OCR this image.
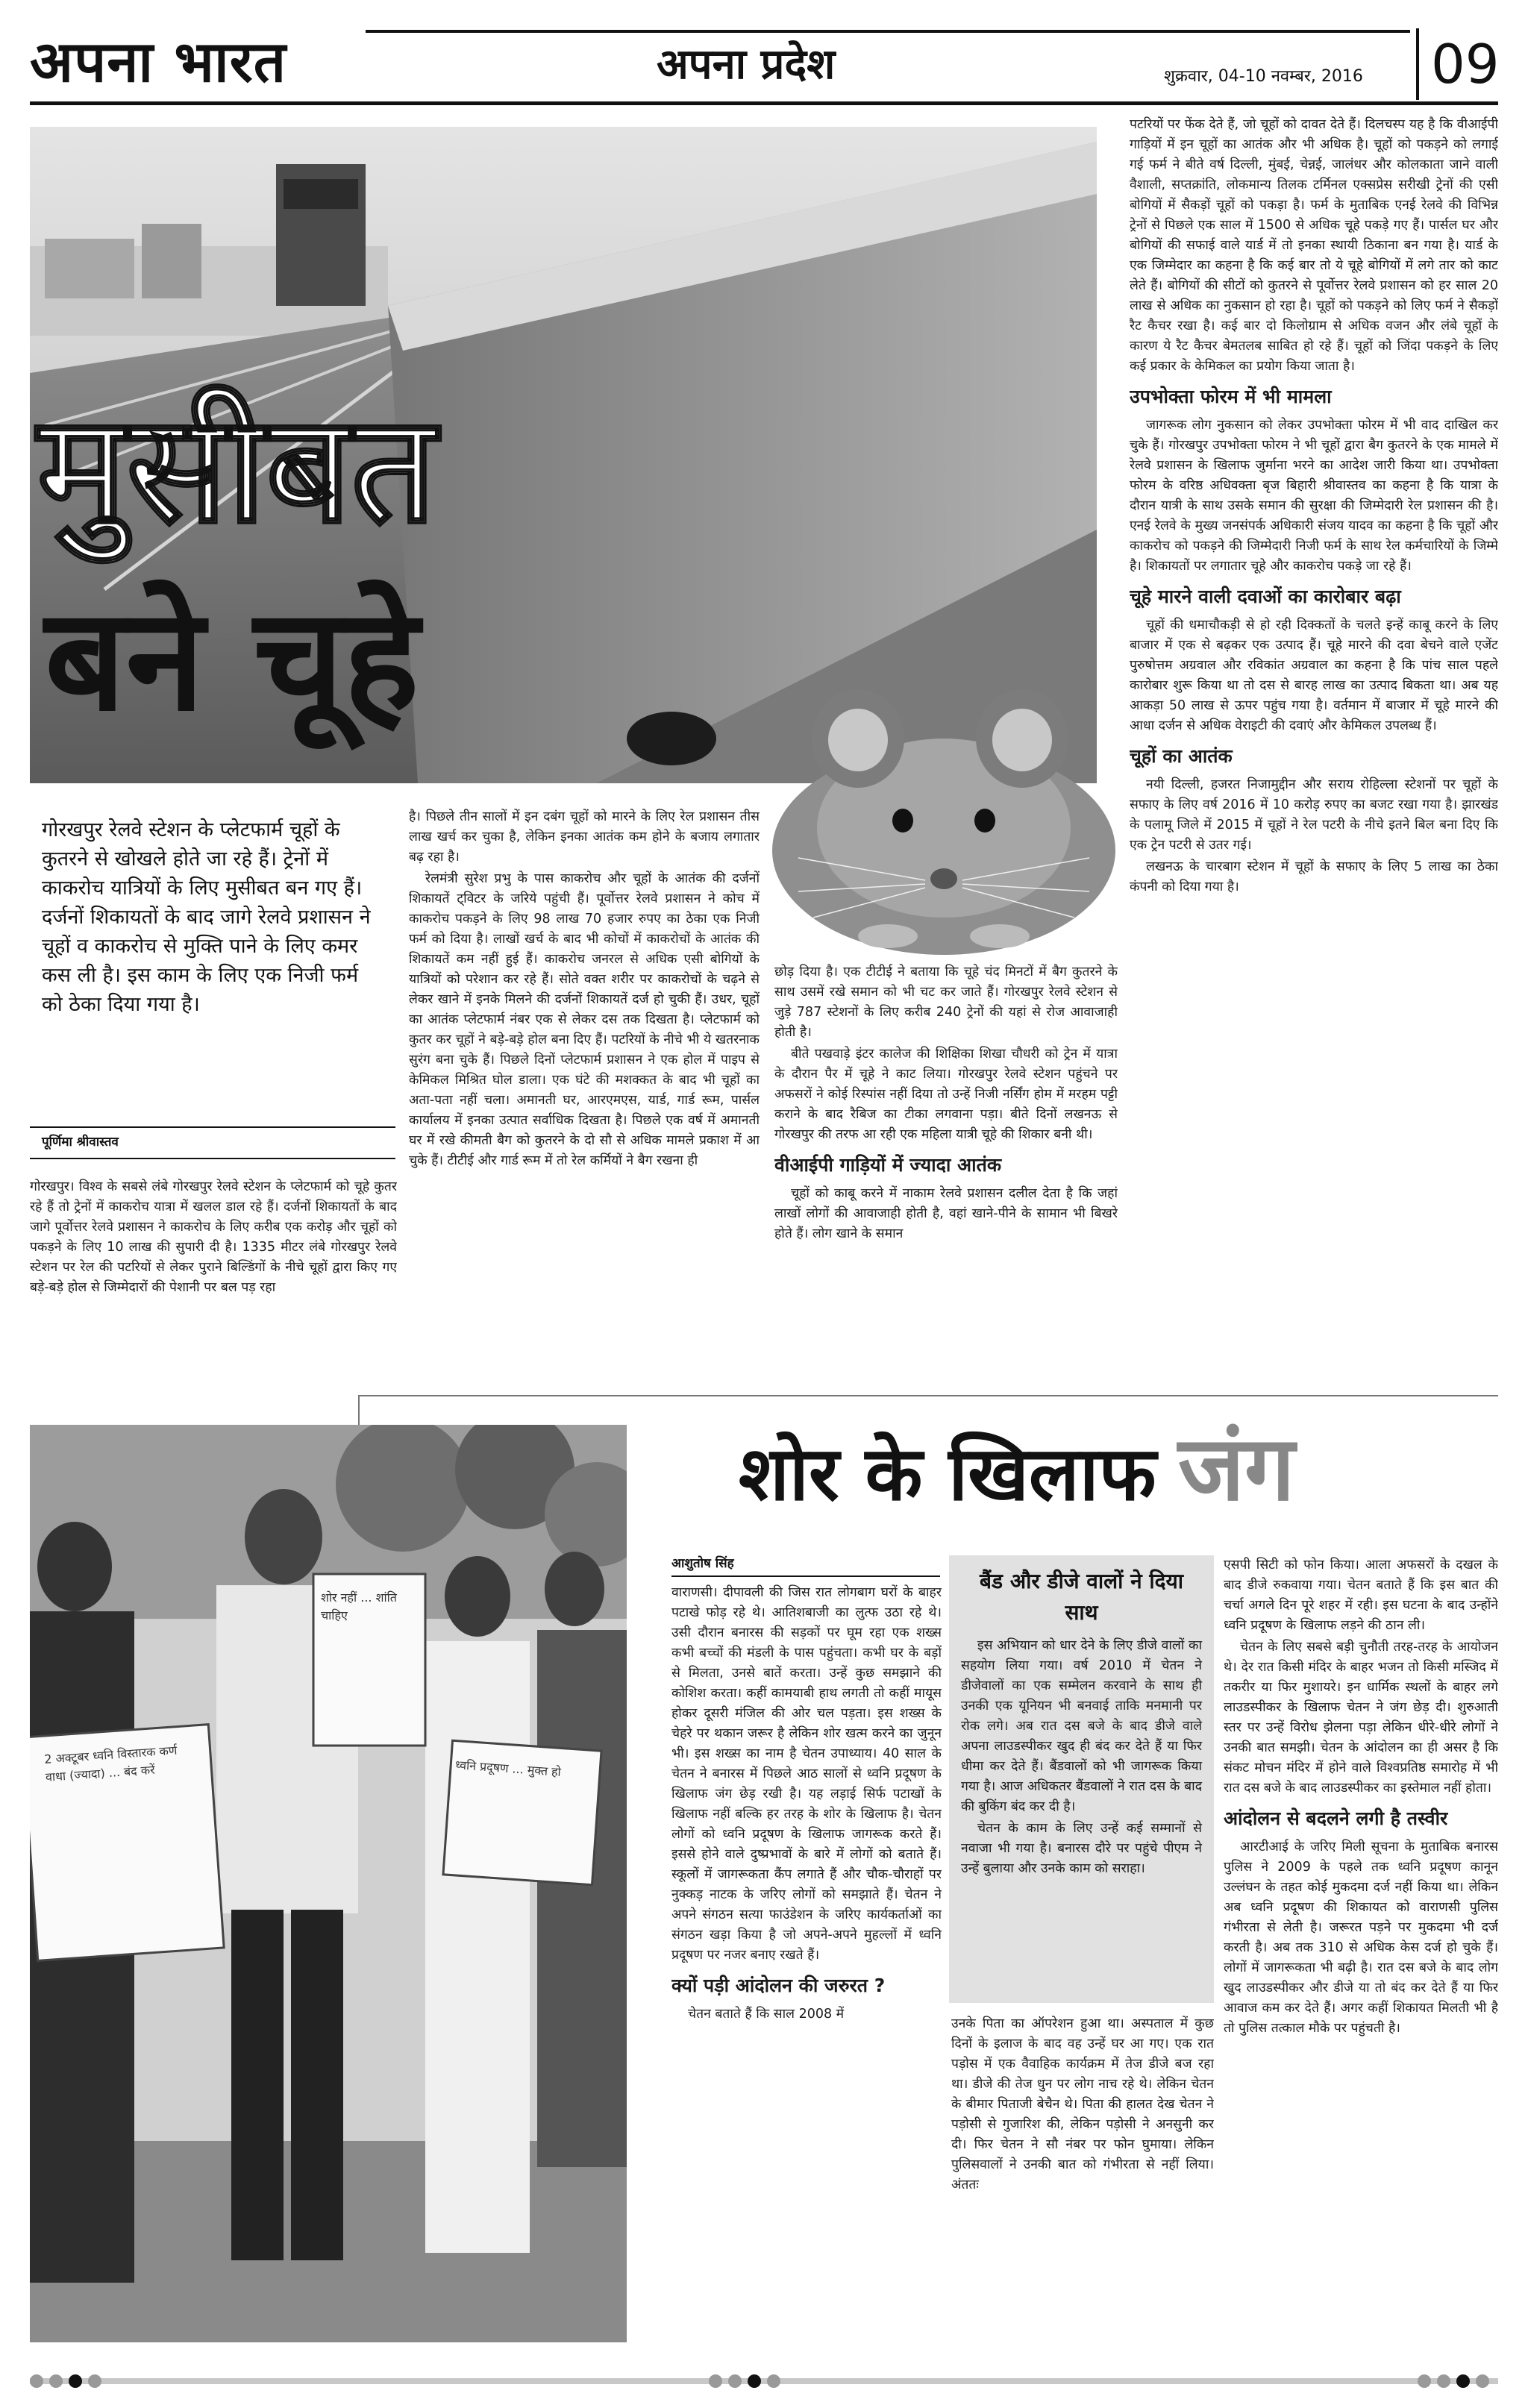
अपना भारत	अपना प्रदेश	शुक्रवार, 04-10 नवम्बर, 2016 09
मुसीबत
बने चूहे
गोरखपुर रेलवे स्टेशन के प्लेटफार्म चूहों के कुतरने से खोखले होते जा रहे हैं। ट्रेनों में काकरोच यात्रियों के लिए मुसीबत बन गए हैं। दर्जनों शिकायतों के बाद जागे रेलवे प्रशासन ने चूहों व काकरोच से मुक्ति पाने के लिए कमर कस ली है। इस काम के लिए एक निजी फर्म को ठेका दिया गया है।
पूर्णिमा श्रीवास्तव

गोरखपुर। विश्व के सबसे लंबे गोरखपुर रेलवे स्टेशन के प्लेटफार्म को चूहे कुतर रहे हैं तो ट्रेनों में काकरोच यात्रा में खलल डाल रहे हैं। दर्जनों शिकायतों के बाद जागे पूर्वोत्तर रेलवे प्रशासन ने काकरोच के लिए करीब एक करोड़ और चूहों को पकड़ने के लिए 10 लाख की सुपारी दी है। 1335 मीटर लंबे गोरखपुर रेलवे स्टेशन पर रेल की पटरियों से लेकर पुराने बिल्डिंगों के नीचे चूहों द्वारा किए गए बड़े-बड़े होल से जिम्मेदारों की पेशानी पर बल पड़ रहा

है। पिछले तीन सालों में इन दबंग चूहों को मारने के लिए रेल प्रशासन तीस लाख खर्च कर चुका है, लेकिन इनका आतंक कम होने के बजाय लगातार बढ़ रहा है।

रेलमंत्री सुरेश प्रभु के पास काकरोच और चूहों के आतंक की दर्जनों शिकायतें ट्विटर के जरिये पहुंची हैं। पूर्वोत्तर रेलवे प्रशासन ने कोच में काकरोच पकड़ने के लिए 98 लाख 70 हजार रुपए का ठेका एक निजी फर्म को दिया है। लाखों खर्च के बाद भी कोचों में काकरोचों के आतंक की शिकायतें कम नहीं हुई हैं। काकरोच जनरल से अधिक एसी बोगियों के यात्रियों को परेशान कर रहे हैं। सोते वक्त शरीर पर काकरोचों के चढ़ने से लेकर खाने में इनके मिलने की दर्जनों शिकायतें दर्ज हो चुकी हैं। उधर, चूहों का आतंक प्लेटफार्म नंबर एक से लेकर दस तक दिखता है। प्लेटफार्म को कुतर कर चूहों ने बड़े-बड़े होल बना दिए हैं। पटरियों के नीचे भी ये खतरनाक सुरंग बना चुके हैं। पिछले दिनों प्लेटफार्म प्रशासन ने एक होल में पाइप से केमिकल मिश्रित घोल डाला। एक घंटे की मशक्कत के बाद भी चूहों का अता-पता नहीं चला। अमानती घर, आरएमएस, यार्ड, गार्ड रूम, पार्सल कार्यालय में इनका उत्पात सर्वाधिक दिखता है। पिछले एक वर्ष में अमानती घर में रखे कीमती बैग को कुतरने के दो सौ से अधिक मामले प्रकाश में आ चुके हैं। टीटीई और गार्ड रूम में तो रेल कर्मियों ने बैग रखना ही

छोड़ दिया है। एक टीटीई ने बताया कि चूहे चंद मिनटों में बैग कुतरने के साथ उसमें रखे समान को भी चट कर जाते हैं। गोरखपुर रेलवे स्टेशन से जुड़े 787 स्टेशनों के लिए करीब 240 ट्रेनों की यहां से रोज आवाजाही होती है।

बीते पखवाड़े इंटर कालेज की शिक्षिका शिखा चौधरी को ट्रेन में यात्रा के दौरान पैर में चूहे ने काट लिया। गोरखपुर रेलवे स्टेशन पहुंचने पर अफसरों ने कोई रिस्पांस नहीं दिया तो उन्हें निजी नर्सिंग होम में मरहम पट्टी कराने के बाद रैबिज का टीका लगवाना पड़ा। बीते दिनों लखनऊ से गोरखपुर की तरफ आ रही एक महिला यात्री चूहे की शिकार बनी थी।

वीआईपी गाड़ियों में ज्यादा आतंक

चूहों को काबू करने में नाकाम रेलवे प्रशासन दलील देता है कि जहां लाखों लोगों की आवाजाही होती है, वहां खाने-पीने के सामान भी बिखरे होते हैं। लोग खाने के समान

पटरियों पर फेंक देते हैं, जो चूहों को दावत देते हैं। दिलचस्प यह है कि वीआईपी गाड़ियों में इन चूहों का आतंक और भी अधिक है। चूहों को पकड़ने को लगाई गई फर्म ने बीते वर्ष दिल्ली, मुंबई, चेन्नई, जालंधर और कोलकाता जाने वाली वैशाली, सप्तक्रांति, लोकमान्य तिलक टर्मिनल एक्सप्रेस सरीखी ट्रेनों की एसी बोगियों में सैकड़ों चूहों को पकड़ा है। फर्म के मुताबिक एनई रेलवे की विभिन्न ट्रेनों से पिछले एक साल में 1500 से अधिक चूहे पकड़े गए हैं। पार्सल घर और बोगियों की सफाई वाले यार्ड में तो इनका स्थायी ठिकाना बन गया है। यार्ड के एक जिम्मेदार का कहना है कि कई बार तो ये चूहे बोगियों में लगे तार को काट लेते हैं। बोगियों की सीटों को कुतरने से पूर्वोत्तर रेलवे प्रशासन को हर साल 20 लाख से अधिक का नुकसान हो रहा है। चूहों को पकड़ने को लिए फर्म ने सैकड़ों रैट कैचर रखा है। कई बार दो किलोग्राम से अधिक वजन और लंबे चूहों के कारण ये रैट कैचर बेमतलब साबित हो रहे हैं। चूहों को जिंदा पकड़ने के लिए कई प्रकार के केमिकल का प्रयोग किया जाता है।

उपभोक्ता फोरम में भी मामला

जागरूक लोग नुकसान को लेकर उपभोक्ता फोरम में भी वाद दाखिल कर चुके हैं। गोरखपुर उपभोक्ता फोरम ने भी चूहों द्वारा बैग कुतरने के एक मामले में रेलवे प्रशासन के खिलाफ जुर्माना भरने का आदेश जारी किया था। उपभोक्ता फोरम के वरिष्ठ अधिवक्ता बृज बिहारी श्रीवास्तव का कहना है कि यात्रा के दौरान यात्री के साथ उसके समान की सुरक्षा की जिम्मेदारी रेल प्रशासन की है। एनई रेलवे के मुख्य जनसंपर्क अधिकारी संजय यादव का कहना है कि चूहों और काकरोच को पकड़ने की जिम्मेदारी निजी फर्म के साथ रेल कर्मचारियों के जिम्मे है। शिकायतों पर लगातार चूहे और काकरोच पकड़े जा रहे हैं।

चूहे मारने वाली दवाओं का कारोबार बढ़ा

चूहों की धमाचौकड़ी से हो रही दिक्कतों के चलते इन्हें काबू करने के लिए बाजार में एक से बढ़कर एक उत्पाद हैं। चूहे मारने की दवा बेचने वाले एजेंट पुरुषोत्तम अग्रवाल और रविकांत अग्रवाल का कहना है कि पांच साल पहले कारोबार शुरू किया था तो दस से बारह लाख का उत्पाद बिकता था। अब यह आकड़ा 50 लाख से ऊपर पहुंच गया है। वर्तमान में बाजार में चूहे मारने की आधा दर्जन से अधिक वेराइटी की दवाएं और केमिकल उपलब्ध हैं।

चूहों का आतंक

नयी दिल्ली, हजरत निजामुद्दीन और सराय रोहिल्ला स्टेशनों पर चूहों के सफाए के लिए वर्ष 2016 में 10 करोड़ रुपए का बजट रखा गया है। झारखंड के पलामू जिले में 2015 में चूहों ने रेल पटरी के नीचे इतने बिल बना दिए कि एक ट्रेन पटरी से उतर गई।

लखनऊ के चारबाग स्टेशन में चूहों के सफाए के लिए 5 लाख का ठेका कंपनी को दिया गया है।

2 अक्टूबर ध्वनि विस्तारक कर्ण वाधा (ज्यादा) ... बंद करें
शोर नहीं ... शांति चाहिए
ध्वनि प्रदूषण ... मुक्त हो
शोर के खिलाफ जंग
आशुतोष सिंह

वाराणसी। दीपावली की जिस रात लोगबाग घरों के बाहर पटाखे फोड़ रहे थे। आतिशबाजी का लुत्फ उठा रहे थे। उसी दौरान बनारस की सड़कों पर घूम रहा एक शख्स कभी बच्चों की मंडली के पास पहुंचता। कभी घर के बड़ों से मिलता, उनसे बातें करता। उन्हें कुछ समझाने की कोशिश करता। कहीं कामयाबी हाथ लगती तो कहीं मायूस होकर दूसरी मंजिल की ओर चल पड़ता। इस शख्स के चेहरे पर थकान जरूर है लेकिन शोर खत्म करने का जुनून भी। इस शख्स का नाम है चेतन उपाध्याय। 40 साल के चेतन ने बनारस में पिछले आठ सालों से ध्वनि प्रदूषण के खिलाफ जंग छेड़ रखी है। यह लड़ाई सिर्फ पटाखों के खिलाफ नहीं बल्कि हर तरह के शोर के खिलाफ है। चेतन लोगों को ध्वनि प्रदूषण के खिलाफ जागरूक करते हैं। इससे होने वाले दुष्प्रभावों के बारे में लोगों को बताते हैं। स्कूलों में जागरूकता कैंप लगाते हैं और चौक-चौराहों पर नुक्कड़ नाटक के जरिए लोगों को समझाते हैं। चेतन ने अपने संगठन सत्या फाउंडेशन के जरिए कार्यकर्ताओं का संगठन खड़ा किया है जो अपने-अपने मुहल्लों में ध्वनि प्रदूषण पर नजर बनाए रखते हैं।

क्यों पड़ी आंदोलन की जरुरत ?

चेतन बताते हैं कि साल 2008 में

बैंड और डीजे वालों ने दिया साथ

इस अभियान को धार देने के लिए डीजे वालों का सहयोग लिया गया। वर्ष 2010 में चेतन ने डीजेवालों का एक सम्मेलन करवाने के साथ ही उनकी एक यूनियन भी बनवाई ताकि मनमानी पर रोक लगे। अब रात दस बजे के बाद डीजे वाले अपना लाउडस्पीकर खुद ही बंद कर देते हैं या फिर धीमा कर देते हैं। बैंडवालों को भी जागरूक किया गया है। आज अधिकतर बैंडवालों ने रात दस के बाद की बुकिंग बंद कर दी है।

चेतन के काम के लिए उन्हें कई सम्मानों से नवाजा भी गया है। बनारस दौरे पर पहुंचे पीएम ने उन्हें बुलाया और उनके काम को सराहा।

उनके पिता का ऑपरेशन हुआ था। अस्पताल में कुछ दिनों के इलाज के बाद वह उन्हें घर आ गए। एक रात पड़ोस में एक वैवाहिक कार्यक्रम में तेज डीजे बज रहा था। डीजे की तेज धुन पर लोग नाच रहे थे। लेकिन चेतन के बीमार पिताजी बेचैन थे। पिता की हालत देख चेतन ने पड़ोसी से गुजारिश की, लेकिन पड़ोसी ने अनसुनी कर दी। फिर चेतन ने सौ नंबर पर फोन घुमाया। लेकिन पुलिसवालों ने उनकी बात को गंभीरता से नहीं लिया। अंततः

एसपी सिटी को फोन किया। आला अफसरों के दखल के बाद डीजे रुकवाया गया। चेतन बताते हैं कि इस बात की चर्चा अगले दिन पूरे शहर में रही। इस घटना के बाद उन्होंने ध्वनि प्रदूषण के खिलाफ लड़ने की ठान ली।

चेतन के लिए सबसे बड़ी चुनौती तरह-तरह के आयोजन थे। देर रात किसी मंदिर के बाहर भजन तो किसी मस्जिद में तकरीर या फिर मुशायरे। इन धार्मिक स्थलों के बाहर लगे लाउडस्पीकर के खिलाफ चेतन ने जंग छेड़ दी। शुरुआती स्तर पर उन्हें विरोध झेलना पड़ा लेकिन धीरे-धीरे लोगों ने उनकी बात समझी। चेतन के आंदोलन का ही असर है कि संकट मोचन मंदिर में होने वाले विश्वप्रतिष्ठ समारोह में भी रात दस बजे के बाद लाउडस्पीकर का इस्तेमाल नहीं होता।

आंदोलन से बदलने लगी है तस्वीर

आरटीआई के जरिए मिली सूचना के मुताबिक बनारस पुलिस ने 2009 के पहले तक ध्वनि प्रदूषण कानून उल्लंघन के तहत कोई मुकदमा दर्ज नहीं किया था। लेकिन अब ध्वनि प्रदूषण की शिकायत को वाराणसी पुलिस गंभीरता से लेती है। जरूरत पड़ने पर मुकदमा भी दर्ज करती है। अब तक 310 से अधिक केस दर्ज हो चुके हैं। लोगों में जागरूकता भी बढ़ी है। रात दस बजे के बाद लोग खुद लाउडस्पीकर और डीजे या तो बंद कर देते हैं या फिर आवाज कम कर देते हैं। अगर कहीं शिकायत मिलती भी है तो पुलिस तत्काल मौके पर पहुंचती है।
